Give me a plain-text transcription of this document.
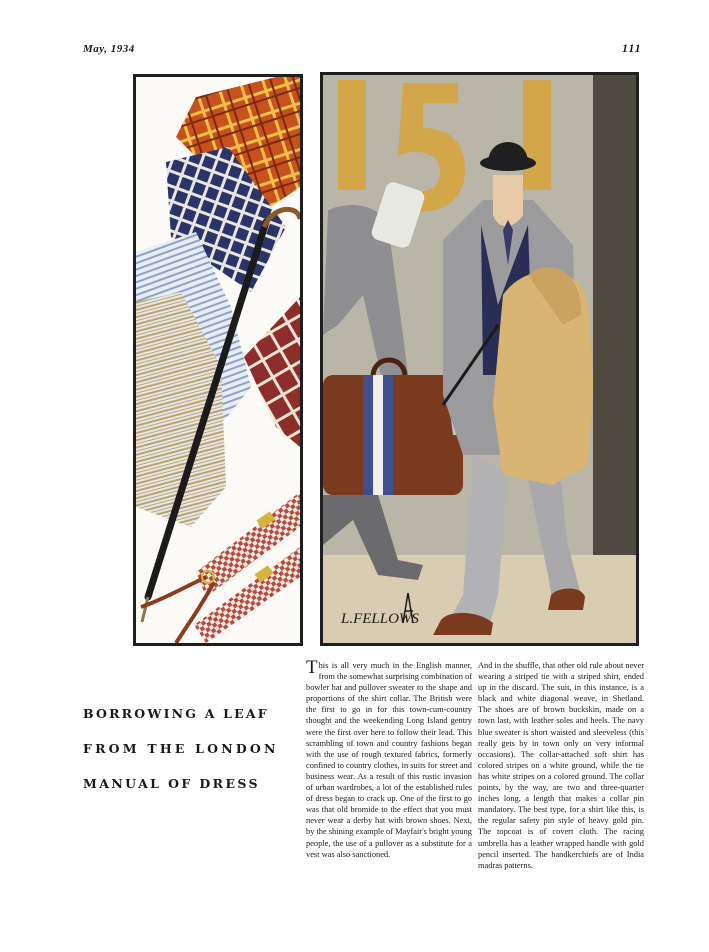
May, 1934	111
L.FELLOWS
BORROWING A LEAF
FROM THE LONDON
MANUAL OF DRESS
This is all very much in the English manner, from the somewhat surprising combination of bowler hat and pullover sweater to the shape and proportions of the shirt collar. The British were the first to go in for this town-cum-country thought and the weekending Long Island gentry were the first over here to follow their lead. This scrambling of town and country fashions began with the use of rough textured fabrics, formerly confined to country clothes, in suits for street and business wear. As a result of this rustic invasion of urban wardrobes, a lot of the established rules of dress began to crack up. One of the first to go was that old bromide to the effect that you must never wear a derby hat with brown shoes. Next, by the shining example of Mayfair's bright young people, the use of a pullover as a substitute for a vest was also sanctioned.
And in the shuffle, that other old rule about never wearing a striped tie with a striped shirt, ended up in the discard. The suit, in this instance, is a black and white diagonal weave, in Shetland. The shoes are of brown buckskin, made on a town last, with leather soles and heels. The navy blue sweater is short waisted and sleeveless (this really gets by in town only on very informal occasions). The collar-attached soft shirt has colored stripes on a white ground, while the tie has white stripes on a colored ground. The collar points, by the way, are two and three-quarter inches long, a length that makes a collar pin mandatory. The best type, for a shirt like this, is the regular safety pin style of heavy gold pin. The topcoat is of covert cloth. The racing umbrella has a leather wrapped handle with gold pencil inserted. The handkerchiefs are of India madras patterns.
